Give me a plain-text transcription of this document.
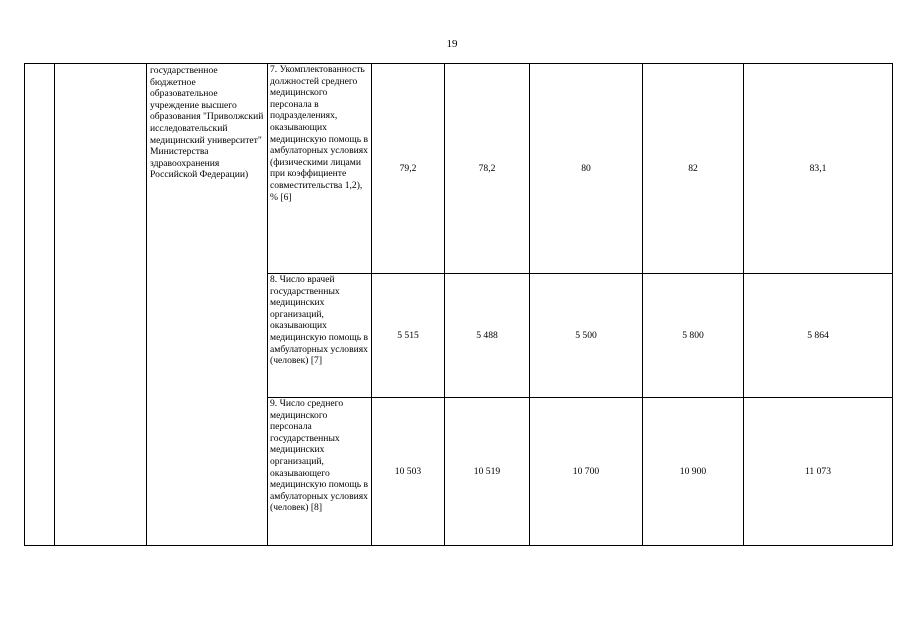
19
		государственное бюджетное образовательное учреждение высшего образования "Приволжский исследовательский медицинский университет" Министерства здравоохранения Российской Федерации)	7. Укомплектованность должностей среднего медицинского персонала в подразделениях, оказывающих медицинскую помощь в амбулаторных условиях (физическими лицами при коэффициенте совместительства 1,2), % [6]	79,2	78,2	80	82	83,1
			8. Число врачей государственных медицинских организаций, оказывающих медицинскую помощь в амбулаторных условиях (человек) [7]	5 515	5 488	5 500	5 800	5 864
			9. Число среднего медицинского персонала государственных медицинских организаций, оказывающего медицинскую помощь в амбулаторных условиях (человек) [8]	10 503	10 519	10 700	10 900	11 073
